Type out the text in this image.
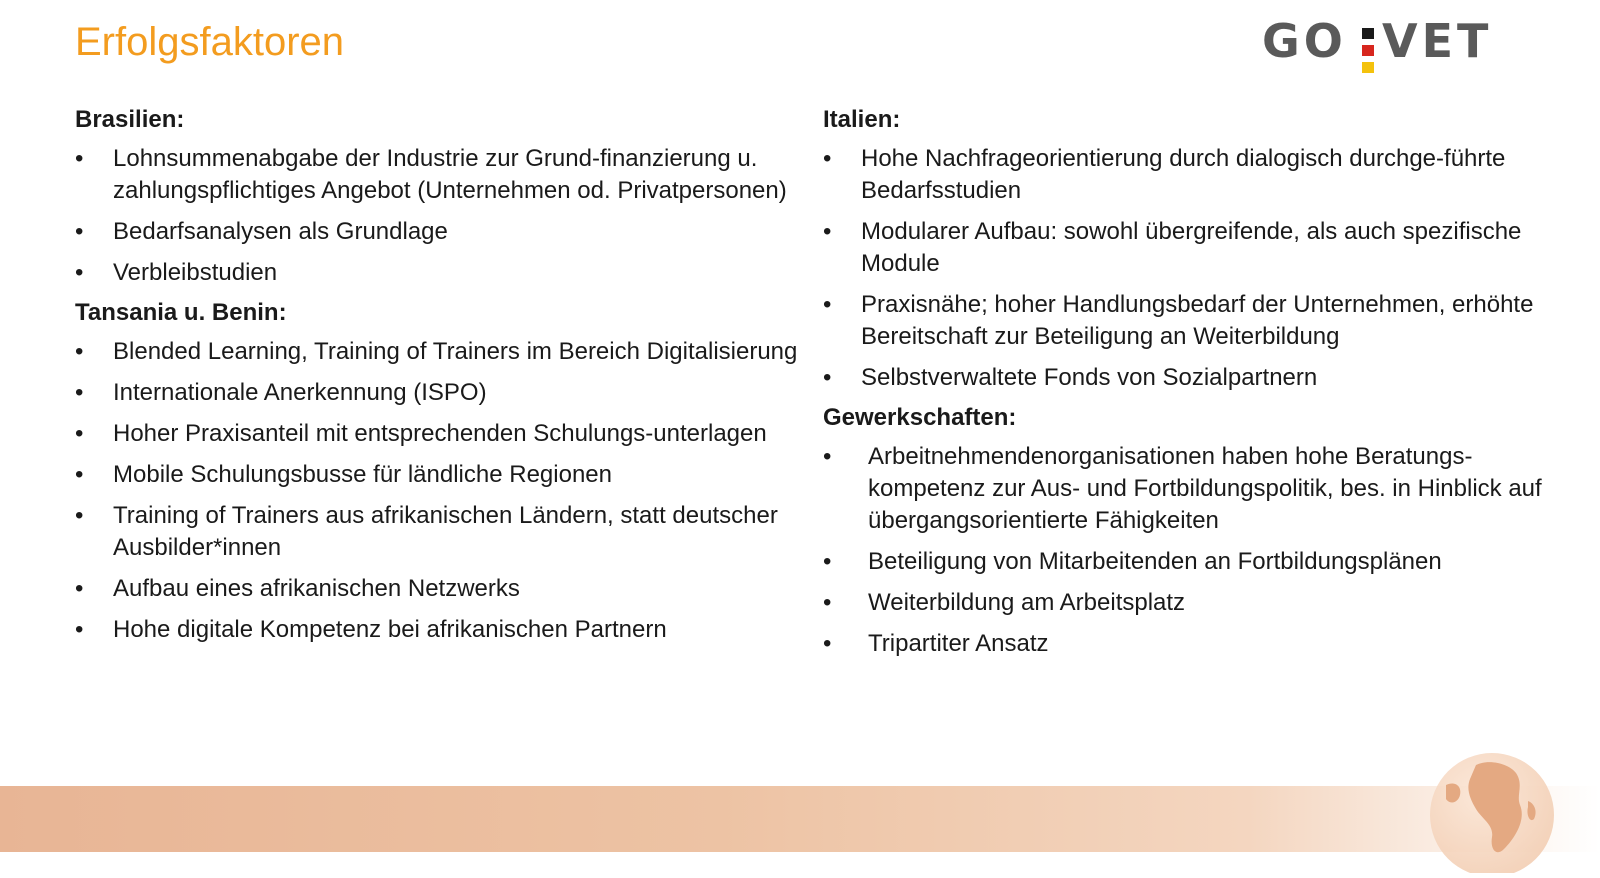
Erfolgsfaktoren	GO VET
Brasilien:
•	Lohnsummenabgabe der Industrie zur Grund-finanzierung u. zahlungspflichtiges Angebot (Unternehmen od. Privatpersonen)
•	Bedarfsanalysen als Grundlage
•	Verbleibstudien
Tansania u. Benin:
•	Blended Learning, Training of Trainers im Bereich Digitalisierung
•	Internationale Anerkennung (ISPO)
•	Hoher Praxisanteil mit entsprechenden Schulungs-unterlagen
•	Mobile Schulungsbusse für ländliche Regionen
•	Training of Trainers aus afrikanischen Ländern, statt deutscher Ausbilder*innen
•	Aufbau eines afrikanischen Netzwerks
•	Hohe digitale Kompetenz bei afrikanischen Partnern
Italien:
•	Hohe Nachfrageorientierung durch dialogisch durchge-führte Bedarfsstudien
•	Modularer Aufbau: sowohl übergreifende, als auch spezifische Module
•	Praxisnähe; hoher Handlungsbedarf der Unternehmen, erhöhte Bereitschaft zur Beteiligung an Weiterbildung
•	Selbstverwaltete Fonds von Sozialpartnern
Gewerkschaften:
•	Arbeitnehmendenorganisationen haben hohe Beratungs-kompetenz zur Aus- und Fortbildungspolitik, bes. in Hinblick auf übergangsorientierte Fähigkeiten
•	Beteiligung von Mitarbeitenden an Fortbildungsplänen
•	Weiterbildung am Arbeitsplatz
•	Tripartiter Ansatz
